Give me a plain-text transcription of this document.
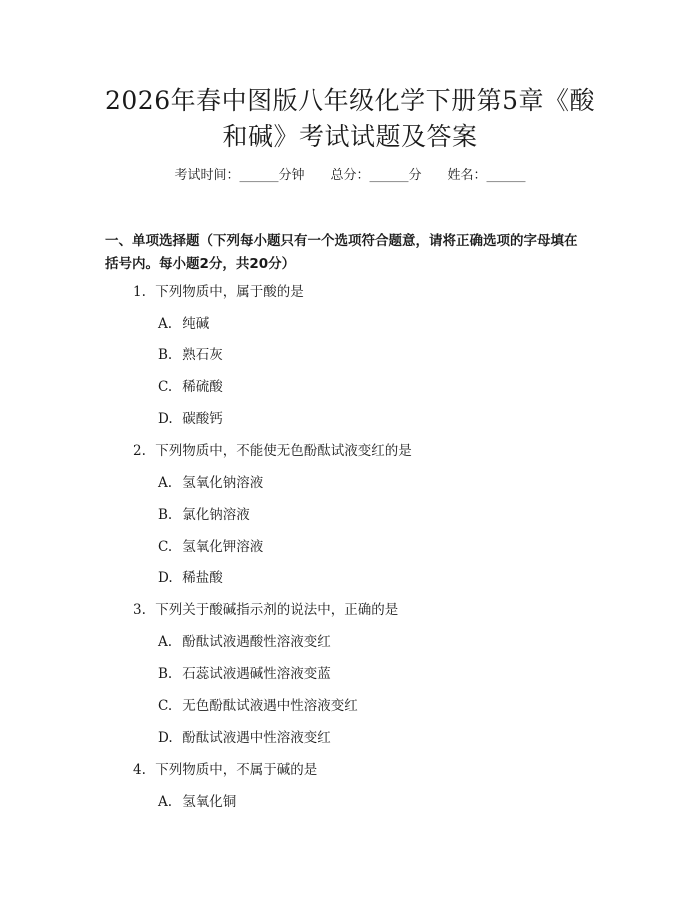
2026年春中图版八年级化学下册第5章《酸
和碱》考试试题及答案
考试时间：______分钟 总分：______分 姓名：______
一、单项选择题（下列每小题只有一个选项符合题意，请将正确选项的字母填在
括号内。每小题2分，共20分）
1. 下列物质中，属于酸的是
A. 纯碱
B. 熟石灰
C. 稀硫酸
D. 碳酸钙
2. 下列物质中，不能使无色酚酞试液变红的是
A. 氢氧化钠溶液
B. 氯化钠溶液
C. 氢氧化钾溶液
D. 稀盐酸
3. 下列关于酸碱指示剂的说法中，正确的是
A. 酚酞试液遇酸性溶液变红
B. 石蕊试液遇碱性溶液变蓝
C. 无色酚酞试液遇中性溶液变红
D. 酚酞试液遇中性溶液变红
4. 下列物质中，不属于碱的是
A. 氢氧化铜
